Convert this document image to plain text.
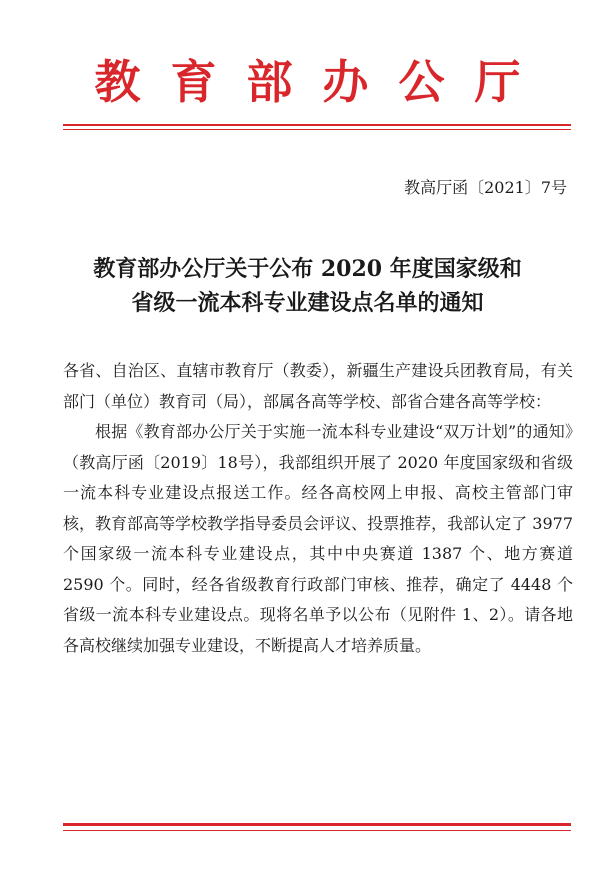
教育部办公厅
教高厅函〔2021〕7号
教育部办公厅关于公布 2020 年度国家级和
省级一流本科专业建设点名单的通知

各省、自治区、直辖市教育厅（教委），新疆生产建设兵团教育局，有关部门（单位）教育司（局），部属各高等学校、部省合建各高等学校：

根据《教育部办公厅关于实施一流本科专业建设“双万计划”的通知》（教高厅函〔2019〕18号），我部组织开展了 2020 年度国家级和省级一流本科专业建设点报送工作。经各高校网上申报、高校主管部门审核，教育部高等学校教学指导委员会评议、投票推荐，我部认定了 3977 个国家级一流本科专业建设点，其中中央赛道 1387 个、地方赛道 2590 个。同时，经各省级教育行政部门审核、推荐，确定了 4448 个省级一流本科专业建设点。现将名单予以公布（见附件 1、2）。请各地各高校继续加强专业建设，不断提高人才培养质量。
